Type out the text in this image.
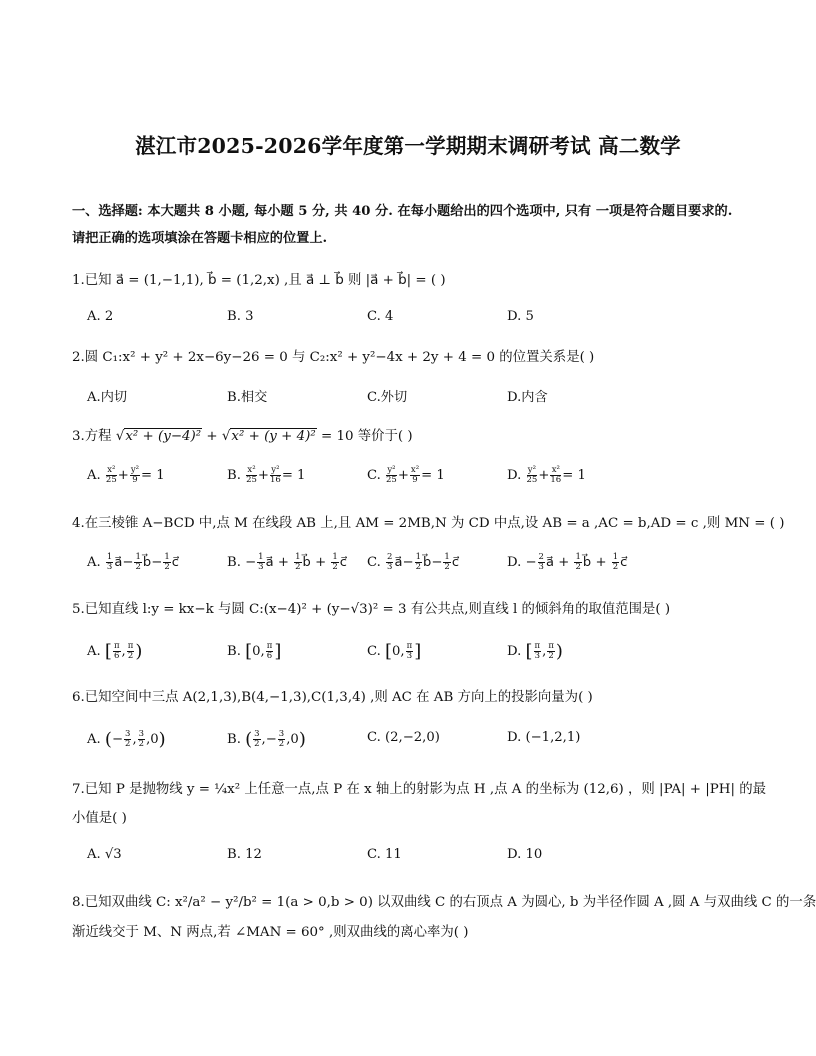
湛江市2025-2026学年度第一学期期末调研考试 高二数学
一、选择题: 本大题共 8 小题, 每小题 5 分, 共 40 分. 在每小题给出的四个选项中, 只有 一项是符合题目要求的.
请把正确的选项填涂在答题卡相应的位置上.
1.已知 a⃗ = (1,−1,1), b⃗ = (1,2,x) ,且 a⃗ ⊥ b⃗ 则 |a⃗ + b⃗| = ( )
A. 2	B. 3	C. 4	D. 5
2.圆 C₁:x² + y² + 2x−6y−26 = 0 与 C₂:x² + y²−4x + 2y + 4 = 0 的位置关系是( )
A.内切	B.相交	C.外切	D.内含
3.方程 √x² + (y−4)² + √x² + (y + 4)² = 10 等价于( )
A. $\frac{\text{x²}}{25} + \frac{\text{y²}}{9} = 1$	B. $\frac{\text{x²}}{25} + \frac{\text{y²}}{16} = 1$	C. $\frac{\text{y²}}{25} + \frac{\text{x²}}{9} = 1$	D. $\frac{\text{y²}}{25} + \frac{\text{x²}}{16} = 1$
4.在三棱锥 A−BCD 中,点 M 在线段 AB 上,且 AM = 2MB,N 为 CD 中点,设 AB = a ,AC = b,AD = c ,则 MN = ( )
A. $\frac{1}{3}$ a⃗− $\frac{1}{2}$ b⃗− $\frac{1}{2}$ c⃗	B. − $\frac{1}{3}$ a⃗ + $\frac{1}{2}$ b⃗ + $\frac{1}{2}$ c⃗ C. $\frac{2}{3}$ a⃗− $\frac{1}{2}$ b⃗− $\frac{1}{2}$ c⃗	D. − $\frac{2}{3}$ a⃗ + $\frac{1}{2}$ b⃗ + $\frac{1}{2}$ c⃗
5.已知直线 l:y = kx−k 与圆 C:(x−4)² + (y−√3)² = 3 有公共点,则直线 l 的倾斜角的取值范围是( )
A. [ $\frac{\pi}{6}$ , $\frac{\pi}{2}$ )	B. [0, $\frac{\pi}{6}$ ]	C. [0, $\frac{\pi}{3}$ ]	D. [ $\frac{\pi}{3}$ , $\frac{\pi}{2}$ )
6.已知空间中三点 A(2,1,3),B(4,−1,3),C(1,3,4) ,则 AC 在 AB 方向上的投影向量为( )
A. (− $\frac{3}{2}$ , $\frac{3}{2} ,0$)	B. ( $\frac{3}{2}$ ,− $\frac{3}{2} ,0$)	C. (2,−2,0)	D. (−1,2,1)
7.已知 P 是抛物线 y = ¼x² 上任意一点,点 P 在 x 轴上的射影为点 H ,点 A 的坐标为 (12,6) ，则 |PA| + |PH| 的最
小值是( )
A. √3	B. 12	C. 11	D. 10
8.已知双曲线 C: x²/a² − y²/b² = 1(a > 0,b > 0) 以双曲线 C 的右顶点 A 为圆心, b 为半径作圆 A ,圆 A 与双曲线 C 的一条
渐近线交于 M、N 两点,若 ∠MAN = 60° ,则双曲线的离心率为( )
